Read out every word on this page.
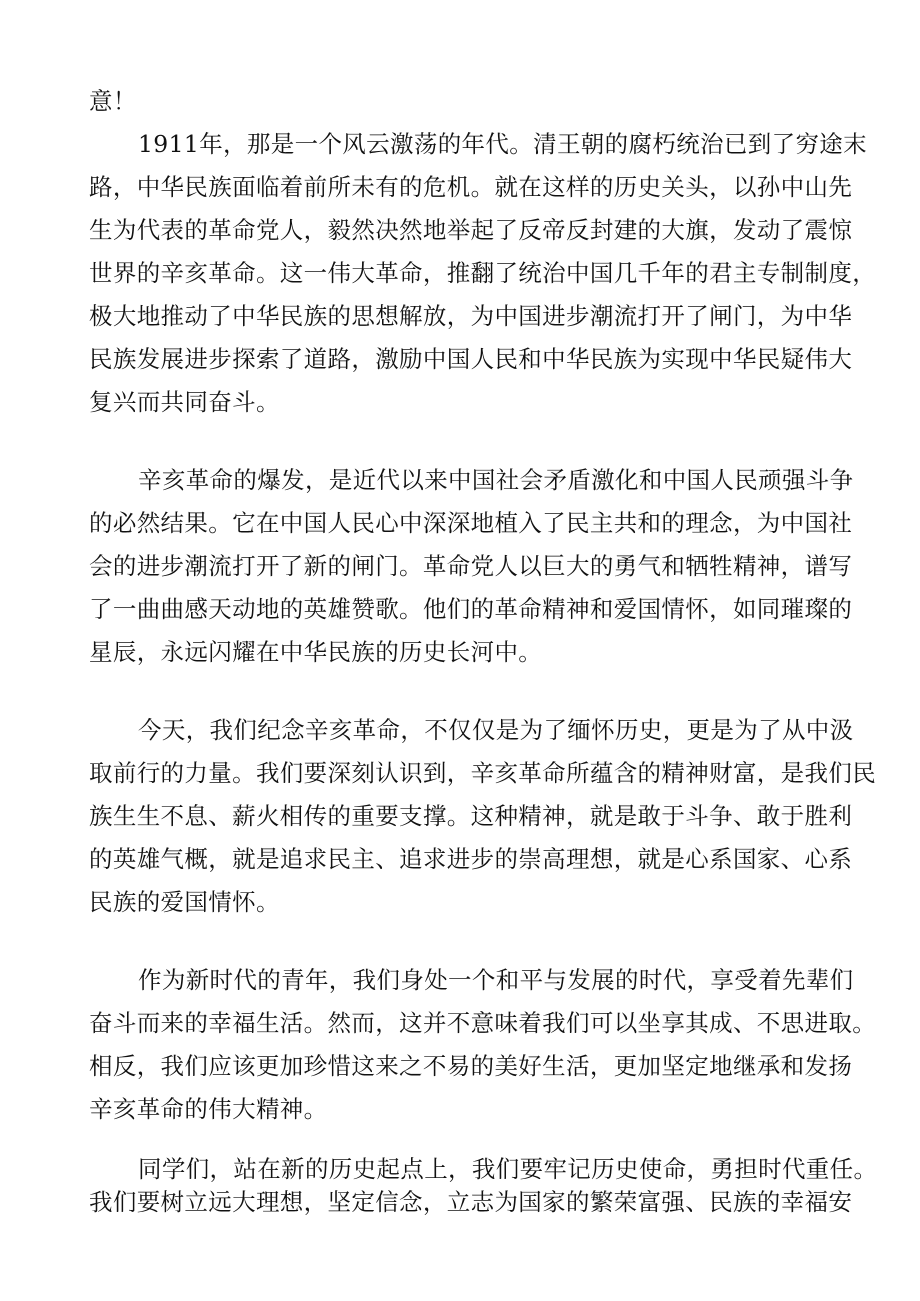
意！
1911年，那是一个风云激荡的年代。清王朝的腐朽统治已到了穷途末
路，中华民族面临着前所未有的危机。就在这样的历史关头，以孙中山先
生为代表的革命党人，毅然决然地举起了反帝反封建的大旗，发动了震惊
世界的辛亥革命。这一伟大革命，推翻了统治中国几千年的君主专制制度，
极大地推动了中华民族的思想解放，为中国进步潮流打开了闸门，为中华
民族发展进步探索了道路，激励中国人民和中华民族为实现中华民疑伟大
复兴而共同奋斗。
辛亥革命的爆发，是近代以来中国社会矛盾激化和中国人民顽强斗争
的必然结果。它在中国人民心中深深地植入了民主共和的理念，为中国社
会的进步潮流打开了新的闸门。革命党人以巨大的勇气和牺牲精神，谱写
了一曲曲感天动地的英雄赞歌。他们的革命精神和爱国情怀，如同璀璨的
星辰，永远闪耀在中华民族的历史长河中。
今天，我们纪念辛亥革命，不仅仅是为了缅怀历史，更是为了从中汲
取前行的力量。我们要深刻认识到，辛亥革命所蕴含的精神财富，是我们民
族生生不息、薪火相传的重要支撑。这种精神，就是敢于斗争、敢于胜利
的英雄气概，就是追求民主、追求进步的崇高理想，就是心系国家、心系
民族的爱国情怀。
作为新时代的青年，我们身处一个和平与发展的时代，享受着先辈们
奋斗而来的幸福生活。然而，这并不意味着我们可以坐享其成、不思进取。
相反，我们应该更加珍惜这来之不易的美好生活，更加坚定地继承和发扬
辛亥革命的伟大精神。
同学们，站在新的历史起点上，我们要牢记历史使命，勇担时代重任。
我们要树立远大理想，坚定信念，立志为国家的繁荣富强、民族的幸福安
